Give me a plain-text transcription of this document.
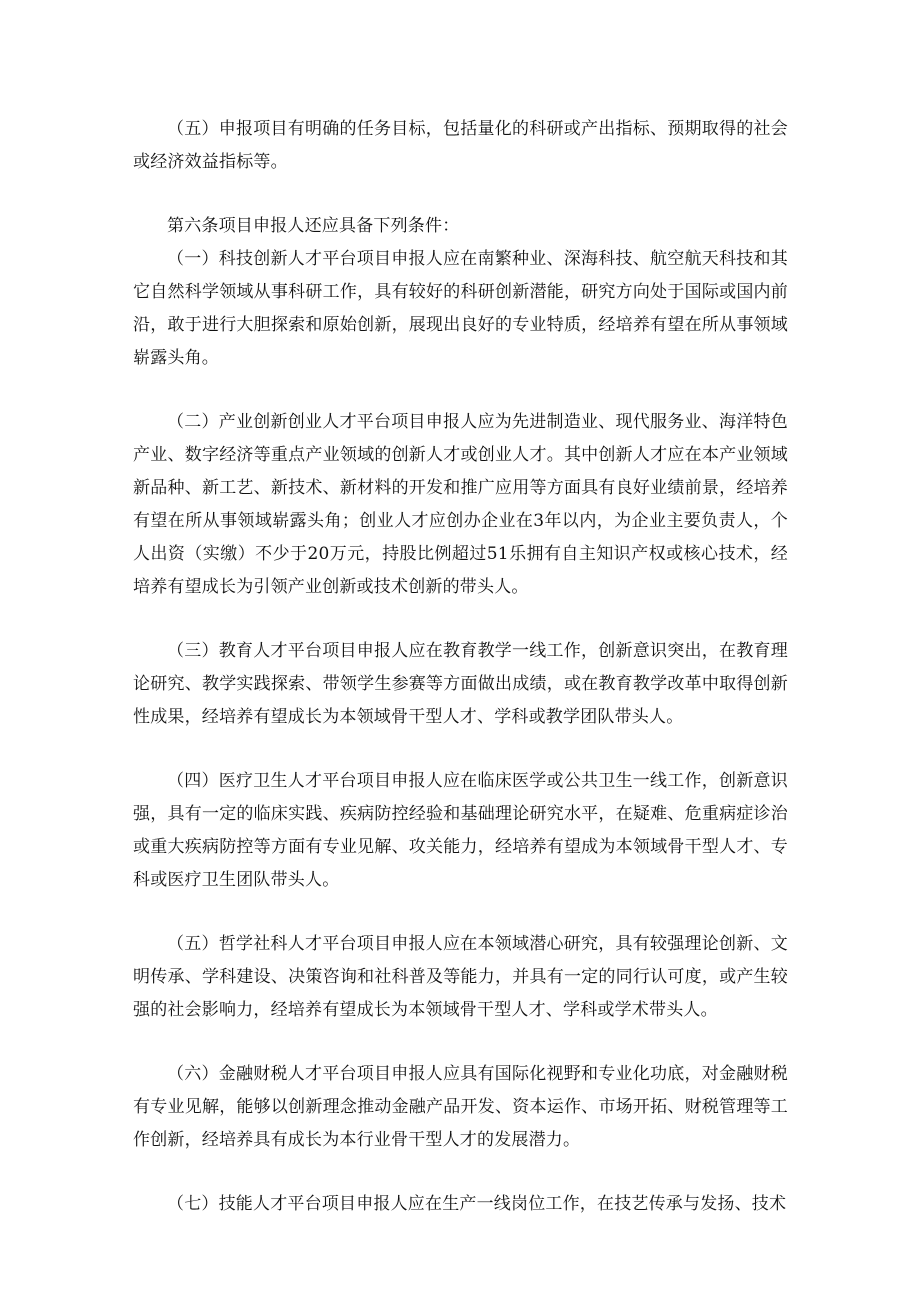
（五）申报项目有明确的任务目标，包括量化的科研或产出指标、预期取得的社会或经济效益指标等。

第六条项目申报人还应具备下列条件：

（一）科技创新人才平台项目申报人应在南繁种业、深海科技、航空航天科技和其它自然科学领域从事科研工作，具有较好的科研创新潜能，研究方向处于国际或国内前沿，敢于进行大胆探索和原始创新，展现出良好的专业特质，经培养有望在所从事领域崭露头角。

（二）产业创新创业人才平台项目申报人应为先进制造业、现代服务业、海洋特色产业、数字经济等重点产业领域的创新人才或创业人才。其中创新人才应在本产业领域新品种、新工艺、新技术、新材料的开发和推广应用等方面具有良好业绩前景，经培养有望在所从事领域崭露头角；创业人才应创办企业在3年以内，为企业主要负责人，个人出资（实缴）不少于20万元，持股比例超过51乐拥有自主知识产权或核心技术，经培养有望成长为引领产业创新或技术创新的带头人。

（三）教育人才平台项目申报人应在教育教学一线工作，创新意识突出，在教育理论研究、教学实践探索、带领学生参赛等方面做出成绩，或在教育教学改革中取得创新性成果，经培养有望成长为本领域骨干型人才、学科或教学团队带头人。

（四）医疗卫生人才平台项目申报人应在临床医学或公共卫生一线工作，创新意识强，具有一定的临床实践、疾病防控经验和基础理论研究水平，在疑难、危重病症诊治或重大疾病防控等方面有专业见解、攻关能力，经培养有望成为本领域骨干型人才、专科或医疗卫生团队带头人。

（五）哲学社科人才平台项目申报人应在本领域潜心研究，具有较强理论创新、文明传承、学科建设、决策咨询和社科普及等能力，并具有一定的同行认可度，或产生较强的社会影响力，经培养有望成长为本领域骨干型人才、学科或学术带头人。

（六）金融财税人才平台项目申报人应具有国际化视野和专业化功底，对金融财税有专业见解，能够以创新理念推动金融产品开发、资本运作、市场开拓、财税管理等工作创新，经培养具有成长为本行业骨干型人才的发展潜力。

（七）技能人才平台项目申报人应在生产一线岗位工作，在技艺传承与发扬、技术
